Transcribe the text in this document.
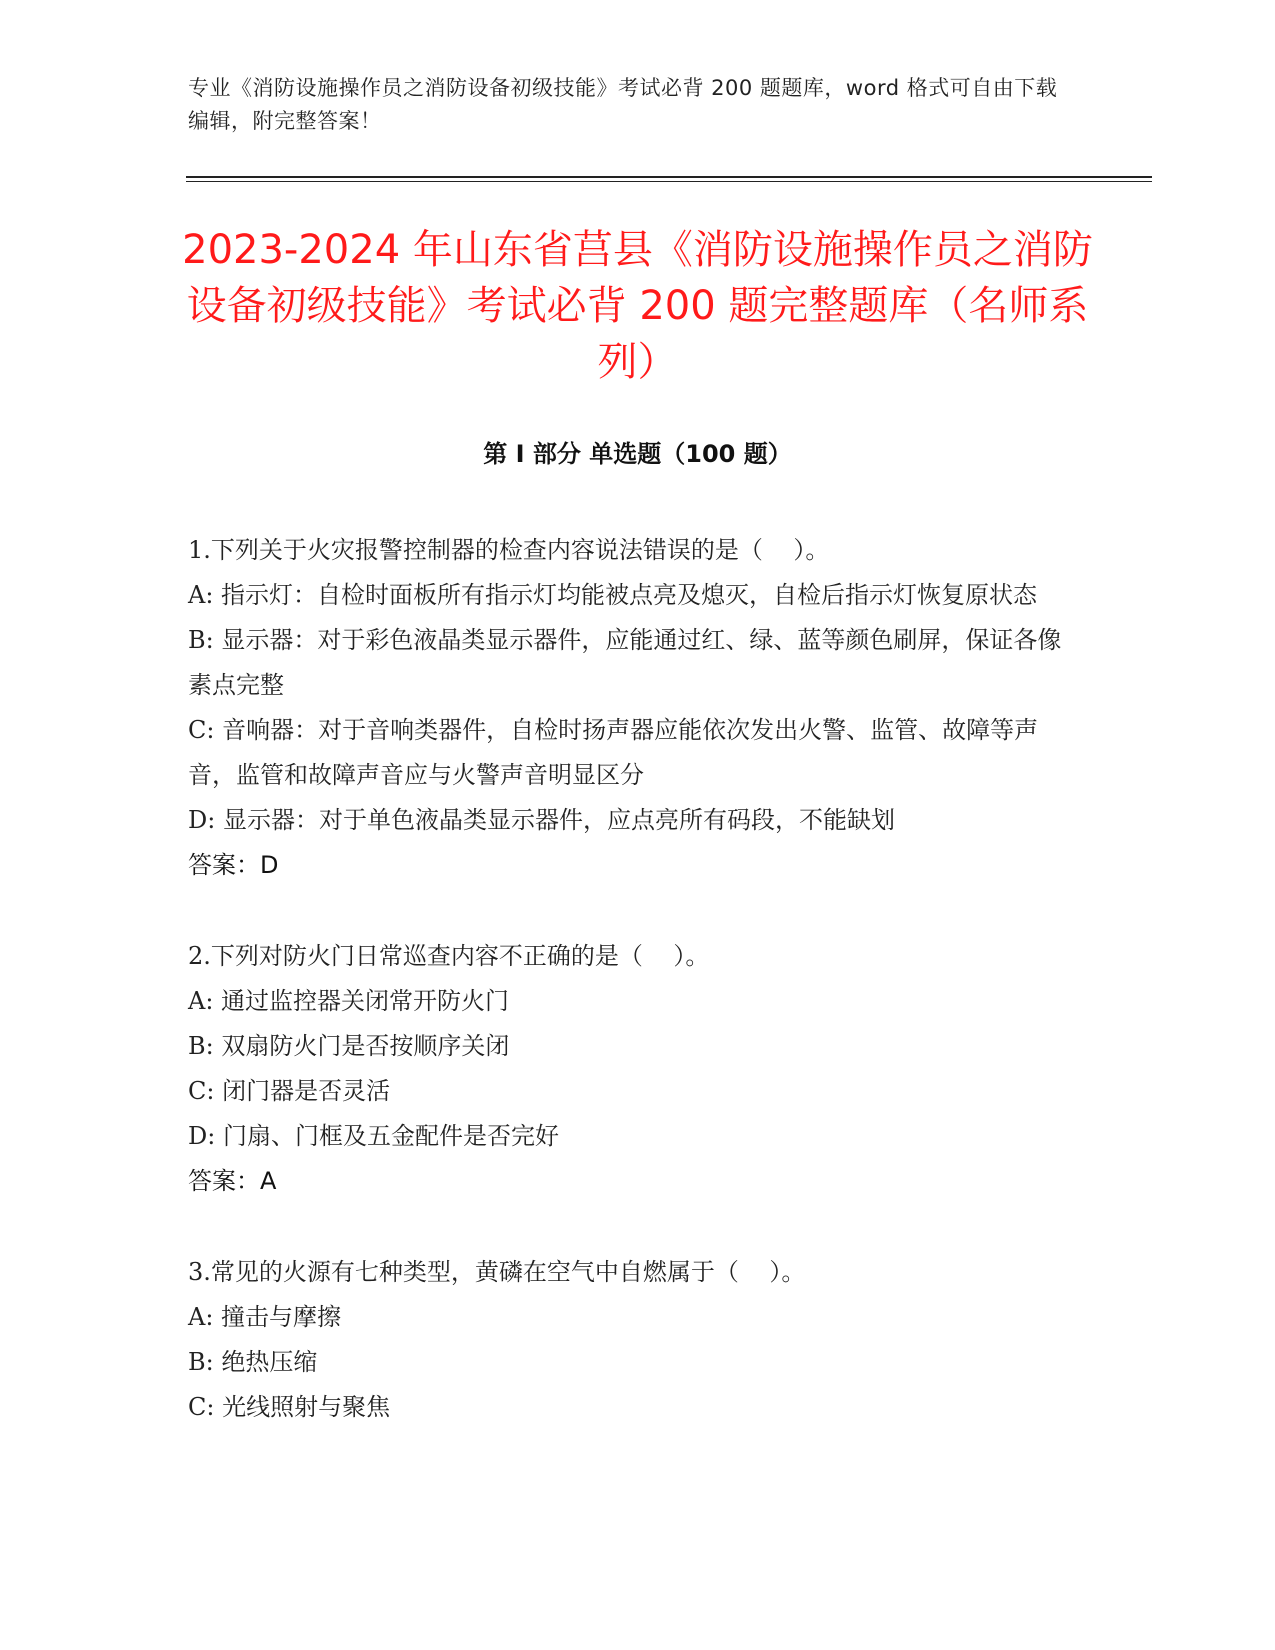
专业《消防设施操作员之消防设备初级技能》考试必背 200 题题库，word 格式可自由下载编辑，附完整答案！
2023-2024 年山东省莒县《消防设施操作员之消防设备初级技能》考试必背 200 题完整题库（名师系列）
第 I 部分 单选题（100 题）
1.下列关于火灾报警控制器的检查内容说法错误的是（    ）。
A: 指示灯：自检时面板所有指示灯均能被点亮及熄灭，自检后指示灯恢复原状态
B: 显示器：对于彩色液晶类显示器件，应能通过红、绿、蓝等颜色刷屏，保证各像素点完整
C: 音响器：对于音响类器件，自检时扬声器应能依次发出火警、监管、故障等声音，监管和故障声音应与火警声音明显区分
D: 显示器：对于单色液晶类显示器件，应点亮所有码段，不能缺划
答案：D
2.下列对防火门日常巡查内容不正确的是（    ）。
A: 通过监控器关闭常开防火门
B: 双扇防火门是否按顺序关闭
C: 闭门器是否灵活
D: 门扇、门框及五金配件是否完好
答案：A
3.常见的火源有七种类型，黄磷在空气中自燃属于（    ）。
A: 撞击与摩擦
B: 绝热压缩
C: 光线照射与聚焦
